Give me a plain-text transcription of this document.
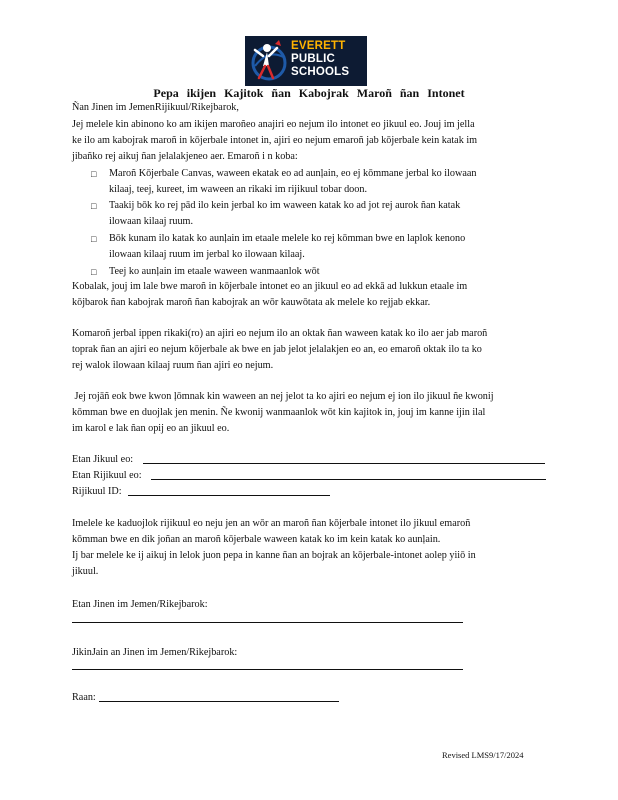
EVERETT
PUBLIC
SCHOOLS
Pepa ikijen Kajitok ñan Kabojrak Maroñ ñan Intonet
Ñan Jinen im JemenRijikuul/Rikejbarok,
Jej melele kin abinono ko am ikijen maroñeo anajiri eo nejum ilo intonet eo jikuul eo. Jouj im jella
ke ilo am kabojrak maroñ in kōjerbale intonet in, ajiri eo nejum emaroñ jab kōjerbale kein katak im
jibañko rej aikuj ñan jelalakjeneo aer. Emaroñ i n koba:
□ Maroñ Kōjerbale Canvas, waween ekatak eo ad aunļain, eo ej kōmmane jerbal ko ilowaan
kilaaj, teej, kureet, im waween an rikaki im rijikuul tobar doon.
□ Taakij bōk ko rej pād ilo kein jerbal ko im waween katak ko ad jot rej aurok ñan katak
ilowaan kilaaj ruum.
□ Bōk kunam ilo katak ko aunļain im etaale melele ko rej kōmman bwe en laplok kenono
ilowaan kilaaj ruum im jerbal ko ilowaan kilaaj.
□ Teej ko aunļain im etaale waween wanmaanlok wōt
Kobalak, jouj im lale bwe maroñ in kōjerbale intonet eo an jikuul eo ad ekkā ad lukkun etaale im
kōjbarok ñan kabojrak maroñ ñan kabojrak an wōr kauwōtata ak melele ko rejjab ekkar.
Komaroñ jerbal ippen rikaki(ro) an ajiri eo nejum ilo an oktak ñan waween katak ko ilo aer jab maroñ
toprak ñan an ajiri eo nejum kōjerbale ak bwe en jab jelot jelalakjen eo an, eo emaroñ oktak ilo ta ko
rej walok ilowaan kilaaj ruum ñan ajiri eo nejum.
Jej rojāñ eok bwe kwon ļōmnak kin waween an nej jelot ta ko ajiri eo nejum ej ion ilo jikuul ñe kwonij
kōmman bwe en duojlak jen menin. Ñe kwonij wanmaanlok wōt kin kajitok in, jouj im kanne ijin ilal
im karol e lak ñan opij eo an jikuul eo.
Etan Jikuul eo:
Etan Rijikuul eo:
Rijikuul ID:
Imelele ke kaduojlok rijikuul eo neju jen an wōr an maroñ ñan kōjerbale intonet ilo jikuul emaroñ
kōmman bwe en dik joñan an maroñ kōjerbale waween katak ko im kein katak ko aunļain.
Ij bar melele ke ij aikuj in lelok juon pepa in kanne ñan an bojrak an kōjerbale-intonet aolep yiiō in
jikuul.
Etan Jinen im Jemen/Rikejbarok:
JikinJain an Jinen im Jemen/Rikejbarok:
Raan:
Revised LMS9/17/2024
